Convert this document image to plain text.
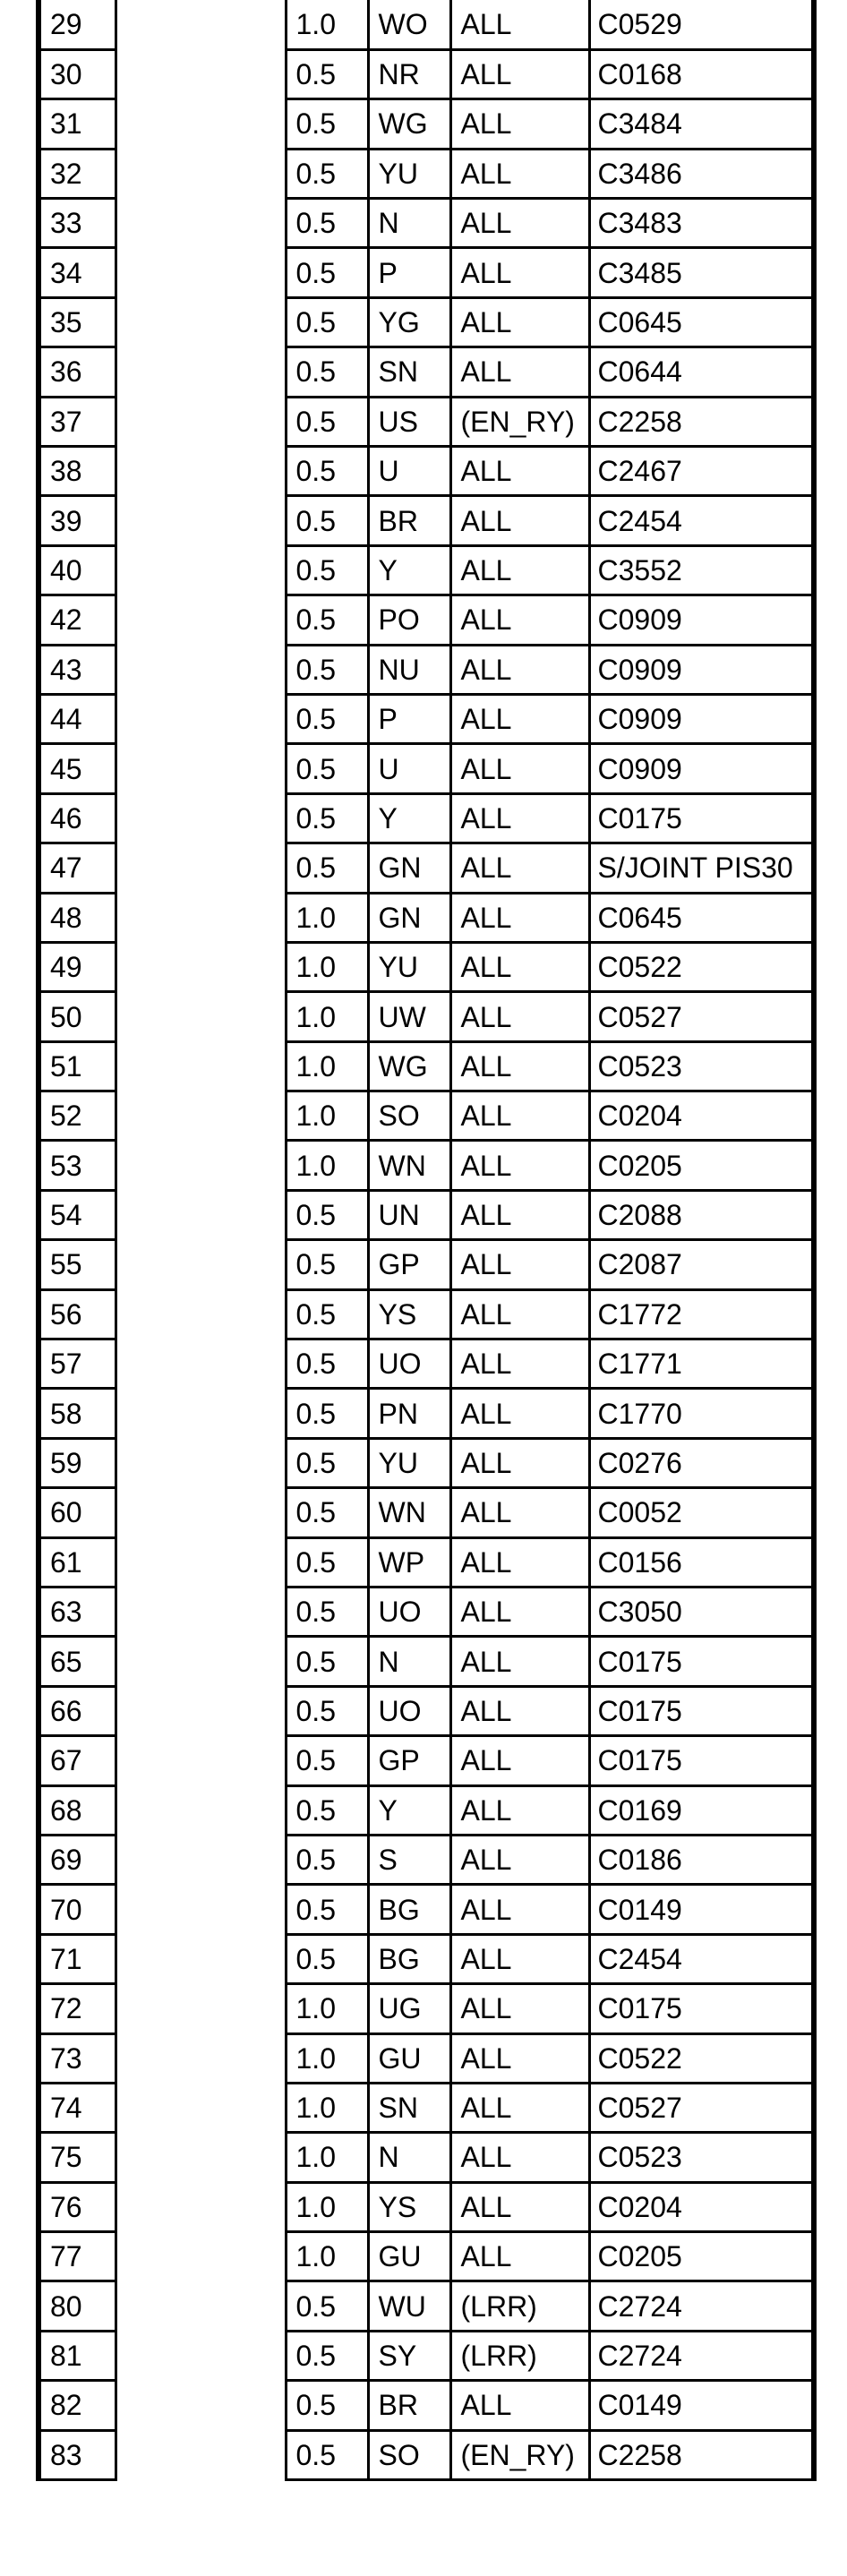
29		1.0	WO	ALL	C0529
30		0.5	NR	ALL	C0168
31		0.5	WG	ALL	C3484
32		0.5	YU	ALL	C3486
33		0.5	N	ALL	C3483
34		0.5	P	ALL	C3485
35		0.5	YG	ALL	C0645
36		0.5	SN	ALL	C0644
37		0.5	US	(EN_RY)	C2258
38		0.5	U	ALL	C2467
39		0.5	BR	ALL	C2454
40		0.5	Y	ALL	C3552
42		0.5	PO	ALL	C0909
43		0.5	NU	ALL	C0909
44		0.5	P	ALL	C0909
45		0.5	U	ALL	C0909
46		0.5	Y	ALL	C0175
47		0.5	GN	ALL	S/JOINT PIS30
48		1.0	GN	ALL	C0645
49		1.0	YU	ALL	C0522
50		1.0	UW	ALL	C0527
51		1.0	WG	ALL	C0523
52		1.0	SO	ALL	C0204
53		1.0	WN	ALL	C0205
54		0.5	UN	ALL	C2088
55		0.5	GP	ALL	C2087
56		0.5	YS	ALL	C1772
57		0.5	UO	ALL	C1771
58		0.5	PN	ALL	C1770
59		0.5	YU	ALL	C0276
60		0.5	WN	ALL	C0052
61		0.5	WP	ALL	C0156
63		0.5	UO	ALL	C3050
65		0.5	N	ALL	C0175
66		0.5	UO	ALL	C0175
67		0.5	GP	ALL	C0175
68		0.5	Y	ALL	C0169
69		0.5	S	ALL	C0186
70		0.5	BG	ALL	C0149
71		0.5	BG	ALL	C2454
72		1.0	UG	ALL	C0175
73		1.0	GU	ALL	C0522
74		1.0	SN	ALL	C0527
75		1.0	N	ALL	C0523
76		1.0	YS	ALL	C0204
77		1.0	GU	ALL	C0205
80		0.5	WU	(LRR)	C2724
81		0.5	SY	(LRR)	C2724
82		0.5	BR	ALL	C0149
83		0.5	SO	(EN_RY)	C2258
